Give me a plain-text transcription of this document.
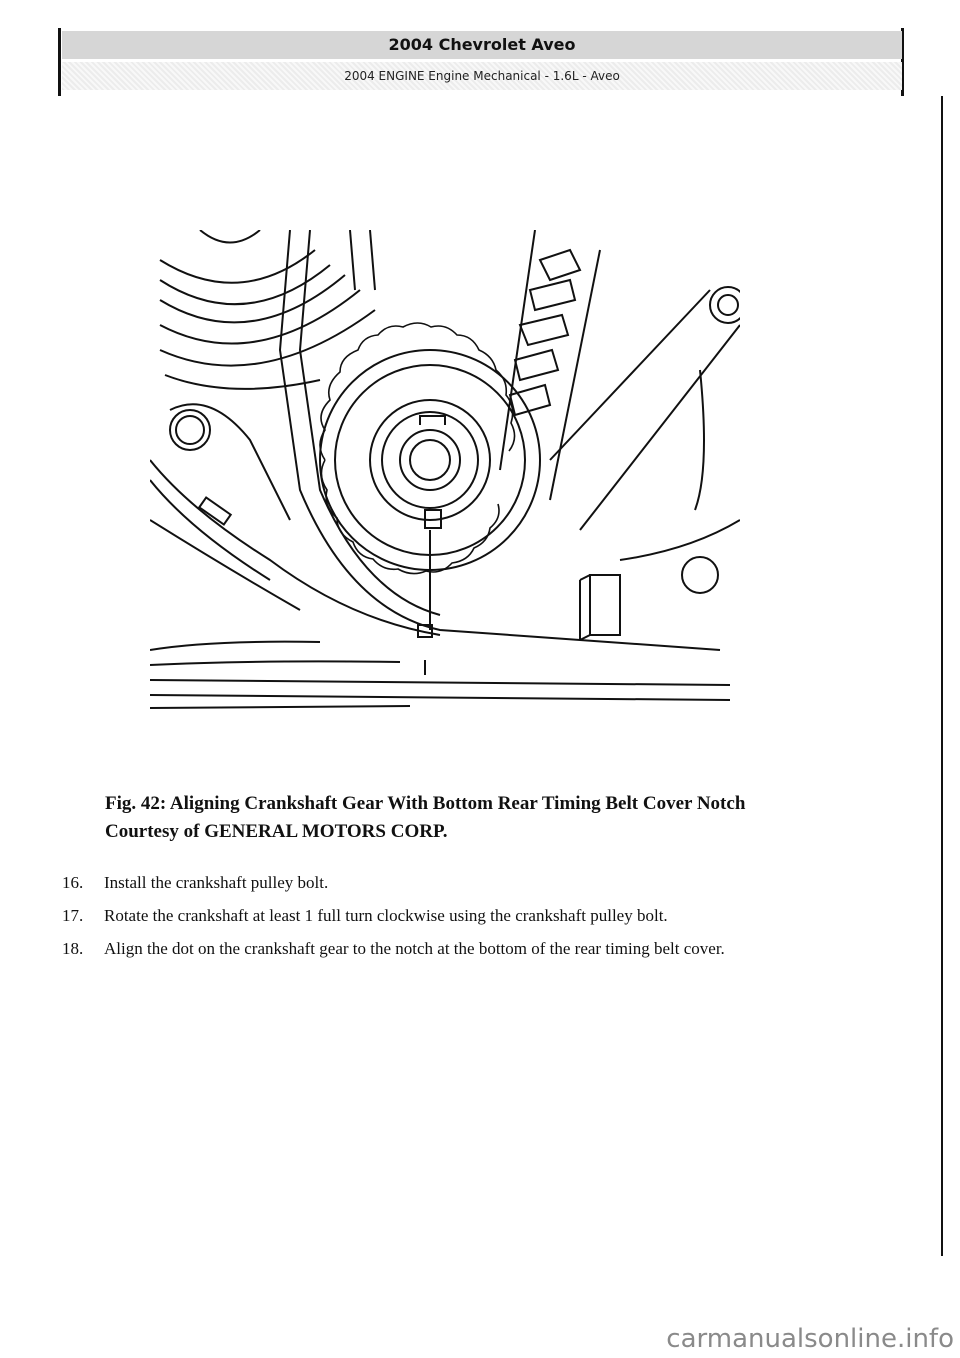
2004 Chevrolet Aveo
2004 ENGINE Engine Mechanical - 1.6L - Aveo
Fig. 42: Aligning Crankshaft Gear With Bottom Rear Timing Belt Cover Notch
Courtesy of GENERAL MOTORS CORP.
16.	Install the crankshaft pulley bolt.
17.	Rotate the crankshaft at least 1 full turn clockwise using the crankshaft pulley bolt.
18.	Align the dot on the crankshaft gear to the notch at the bottom of the rear timing belt cover.
carmanualsonline.info
